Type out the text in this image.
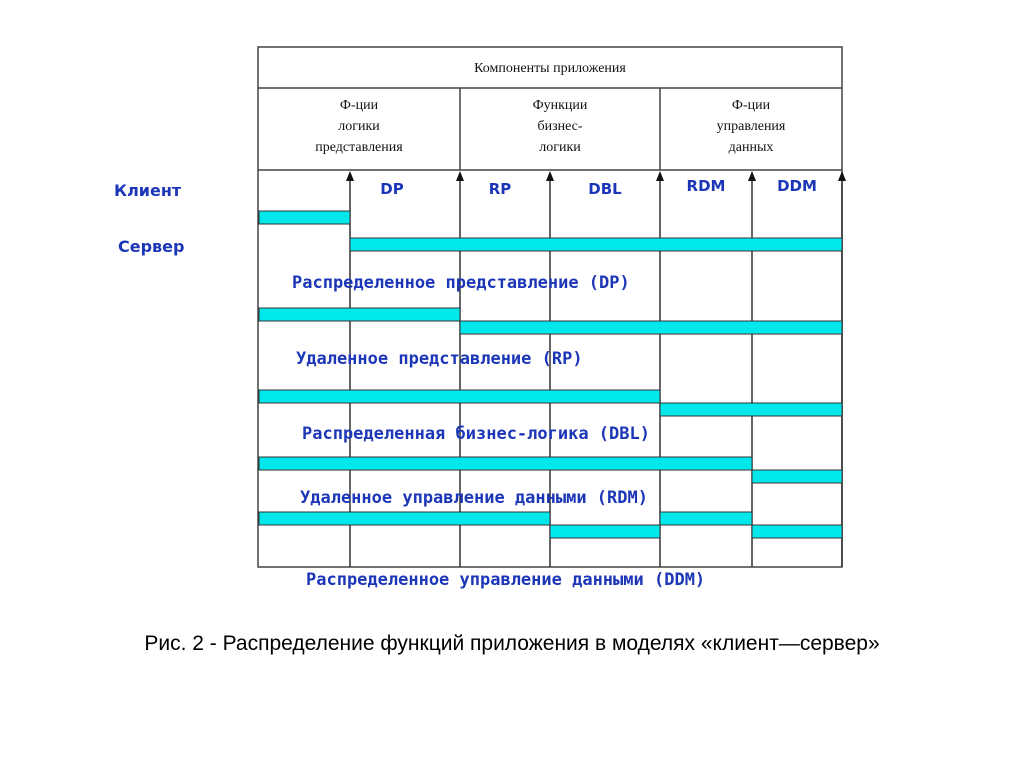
Компоненты приложения
Ф-ции
логики
представления
Функции
бизнес-
логики
Ф-ции
управления
данных
Клиент
Сервер
DP	RP	DBL	RDM	DDM
Распределенное представление (DP)
Удаленное представление (RP)
Распределенная бизнес-логика (DBL)
Удаленное управление данными (RDM)
Распределенное управление данными (DDM)
Рис. 2 - Распределение функций приложения в моделях «клиент—сервер»
